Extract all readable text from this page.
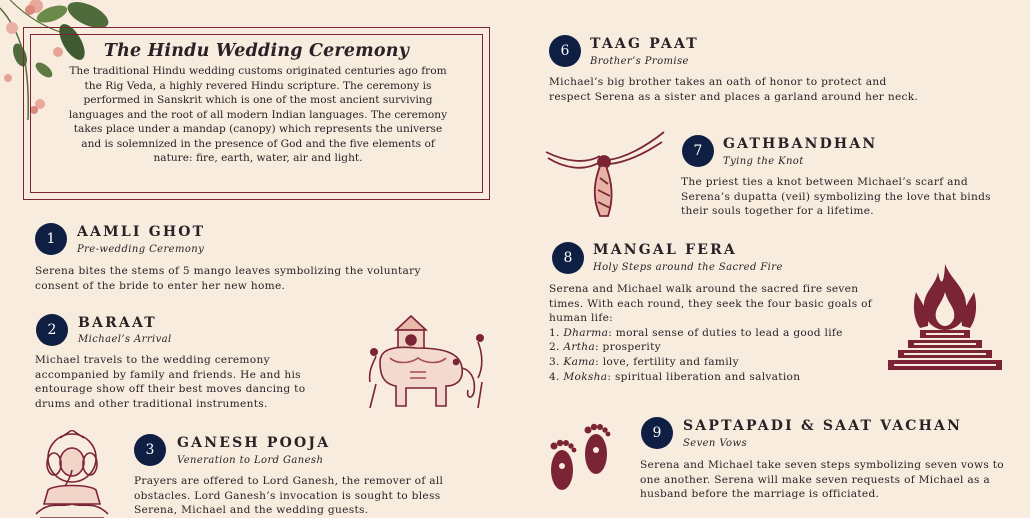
The Hindu Wedding Ceremony
The traditional Hindu wedding customs originated centuries ago from the Rig Veda, a highly revered Hindu scripture. The ceremony is performed in Sanskrit which is one of the most ancient surviving languages and the root of all modern Indian languages. The ceremony takes place under a mandap (canopy) which represents the universe and is solemnized in the presence of God and the five elements of nature: fire, earth, water, air and light.
1	AAMLI GHOT
Pre-wedding Ceremony
Serena bites the stems of 5 mango leaves symbolizing the voluntary consent of the bride to enter her new home.
2	BARAAT
Michael’s Arrival
Michael travels to the wedding ceremony accompanied by family and friends. He and his entourage show off their best moves dancing to drums and other traditional instruments.
3	GANESH POOJA
Veneration to Lord Ganesh
Prayers are offered to Lord Ganesh, the remover of all obstacles. Lord Ganesh’s invocation is sought to bless Serena, Michael and the wedding guests.
6	TAAG PAAT
Brother’s Promise
Michael’s big brother takes an oath of honor to protect and respect Serena as a sister and places a garland around her neck.
7	GATHBANDHAN
Tying the Knot
The priest ties a knot between Michael’s scarf and Serena’s dupatta (veil) symbolizing the love that binds their souls together for a lifetime.
8	MANGAL FERA
Holy Steps around the Sacred Fire
Serena and Michael walk around the sacred fire seven times. With each round, they seek the four basic goals of human life:
1. Dharma: moral sense of duties to lead a good life
2. Artha: prosperity
3. Kama: love, fertility and family
4. Moksha: spiritual liberation and salvation
9	SAPTAPADI & SAAT VACHAN
Seven Vows
Serena and Michael take seven steps symbolizing seven vows to one another. Serena will make seven requests of Michael as a husband before the marriage is officiated.
